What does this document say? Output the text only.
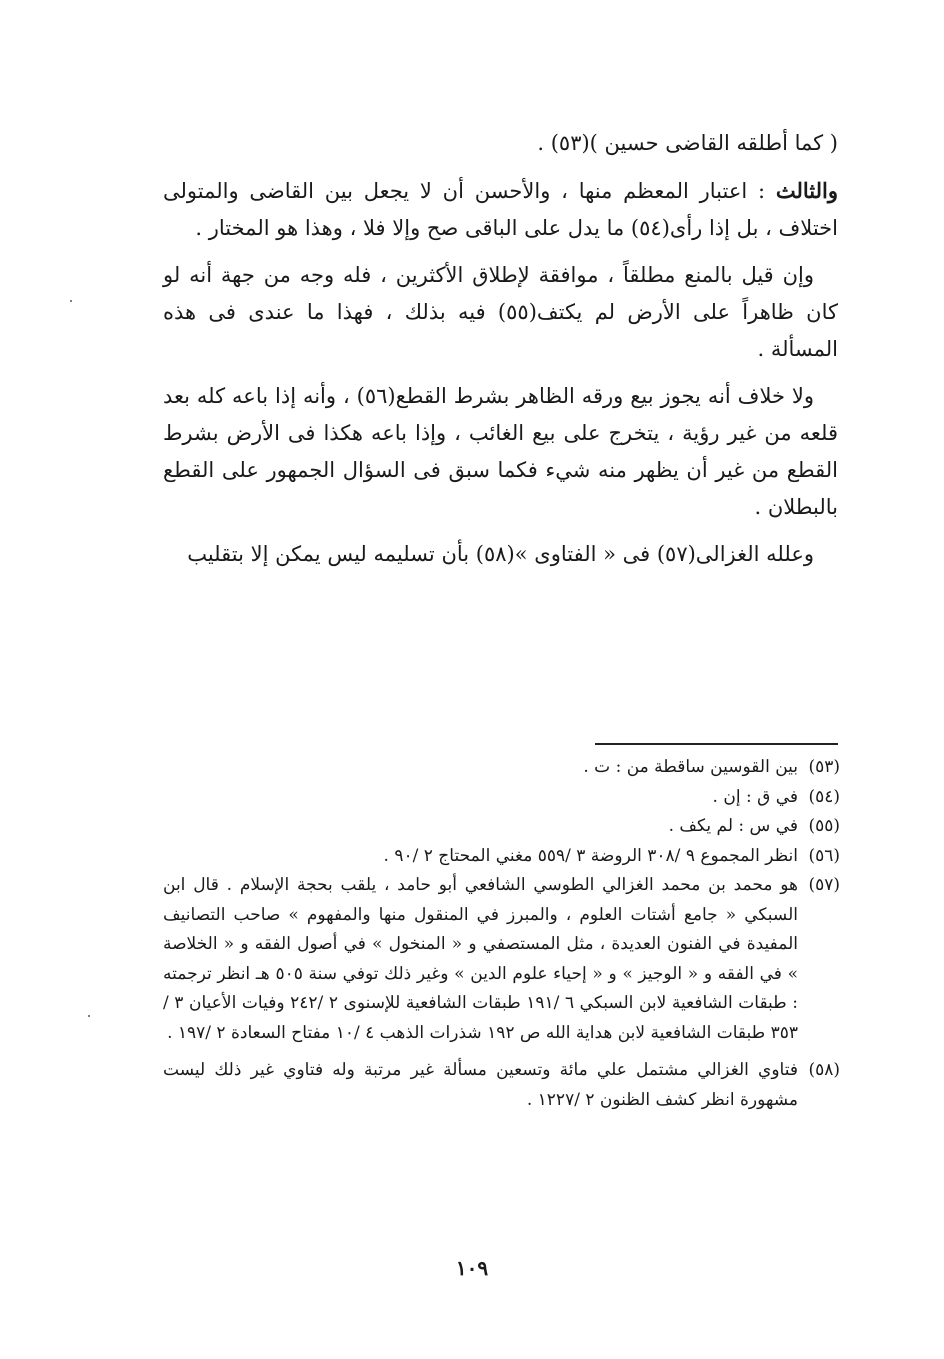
( كما أطلقه القاضى حسين )(٥٣) .

والثالث : اعتبار المعظم منها ، والأحسن أن لا يجعل بين القاضى والمتولى اختلاف ، بل إذا رأى(٥٤) ما يدل على الباقى صح وإلا فلا ، وهذا هو المختار .

وإن قيل بالمنع مطلقاً ، موافقة لإطلاق الأكثرين ، فله وجه من جهة أنه لو كان ظاهراً على الأرض لم يكتف(٥٥) فيه بذلك ، فهذا ما عندى فى هذه المسألة .

ولا خلاف أنه يجوز بيع ورقه الظاهر بشرط القطع(٥٦) ، وأنه إذا باعه كله بعد قلعه من غير رؤية ، يتخرج على بيع الغائب ، وإذا باعه هكذا فى الأرض بشرط القطع من غير أن يظهر منه شيء فكما سبق فى السؤال الجمهور على القطع بالبطلان .

وعلله الغزالى(٥٧) فى « الفتاوى »(٥٨) بأن تسليمه ليس يمكن إلا بتقليب

(٥٣)
بين القوسين ساقطة من : ت .
(٥٤)
في ق : إن .
(٥٥)
في س : لم يكف .
(٥٦)
انظر المجموع ٩ /٣٠٨ الروضة ٣ /٥٥٩ مغني المحتاج ٢ /٩٠ .
(٥٧)
هو محمد بن محمد الغزالي الطوسي الشافعي أبو حامد ، يلقب بحجة الإسلام . قال ابن السبكي « جامع أشتات العلوم ، والمبرز في المنقول منها والمفهوم » صاحب التصانيف المفيدة في الفنون العديدة ، مثل المستصفي و « المنخول » في أصول الفقه و « الخلاصة » في الفقه و « الوجيز » و « إحياء علوم الدين » وغير ذلك توفي سنة ٥٠٥ هـ انظر ترجمته : طبقات الشافعية لابن السبكي ٦ /١٩١ طبقات الشافعية للإسنوى ٢ /٢٤٢ وفيات الأعيان ٣ /٣٥٣ طبقات الشافعية لابن هداية الله ص ١٩٢ شذرات الذهب ٤ /١٠ مفتاح السعادة ٢ /١٩٧ .
(٥٨)
فتاوي الغزالي مشتمل علي مائة وتسعين مسألة غير مرتبة وله فتاوي غير ذلك ليست مشهورة انظر كشف الظنون ٢ /١٢٢٧ .
١٠٩
